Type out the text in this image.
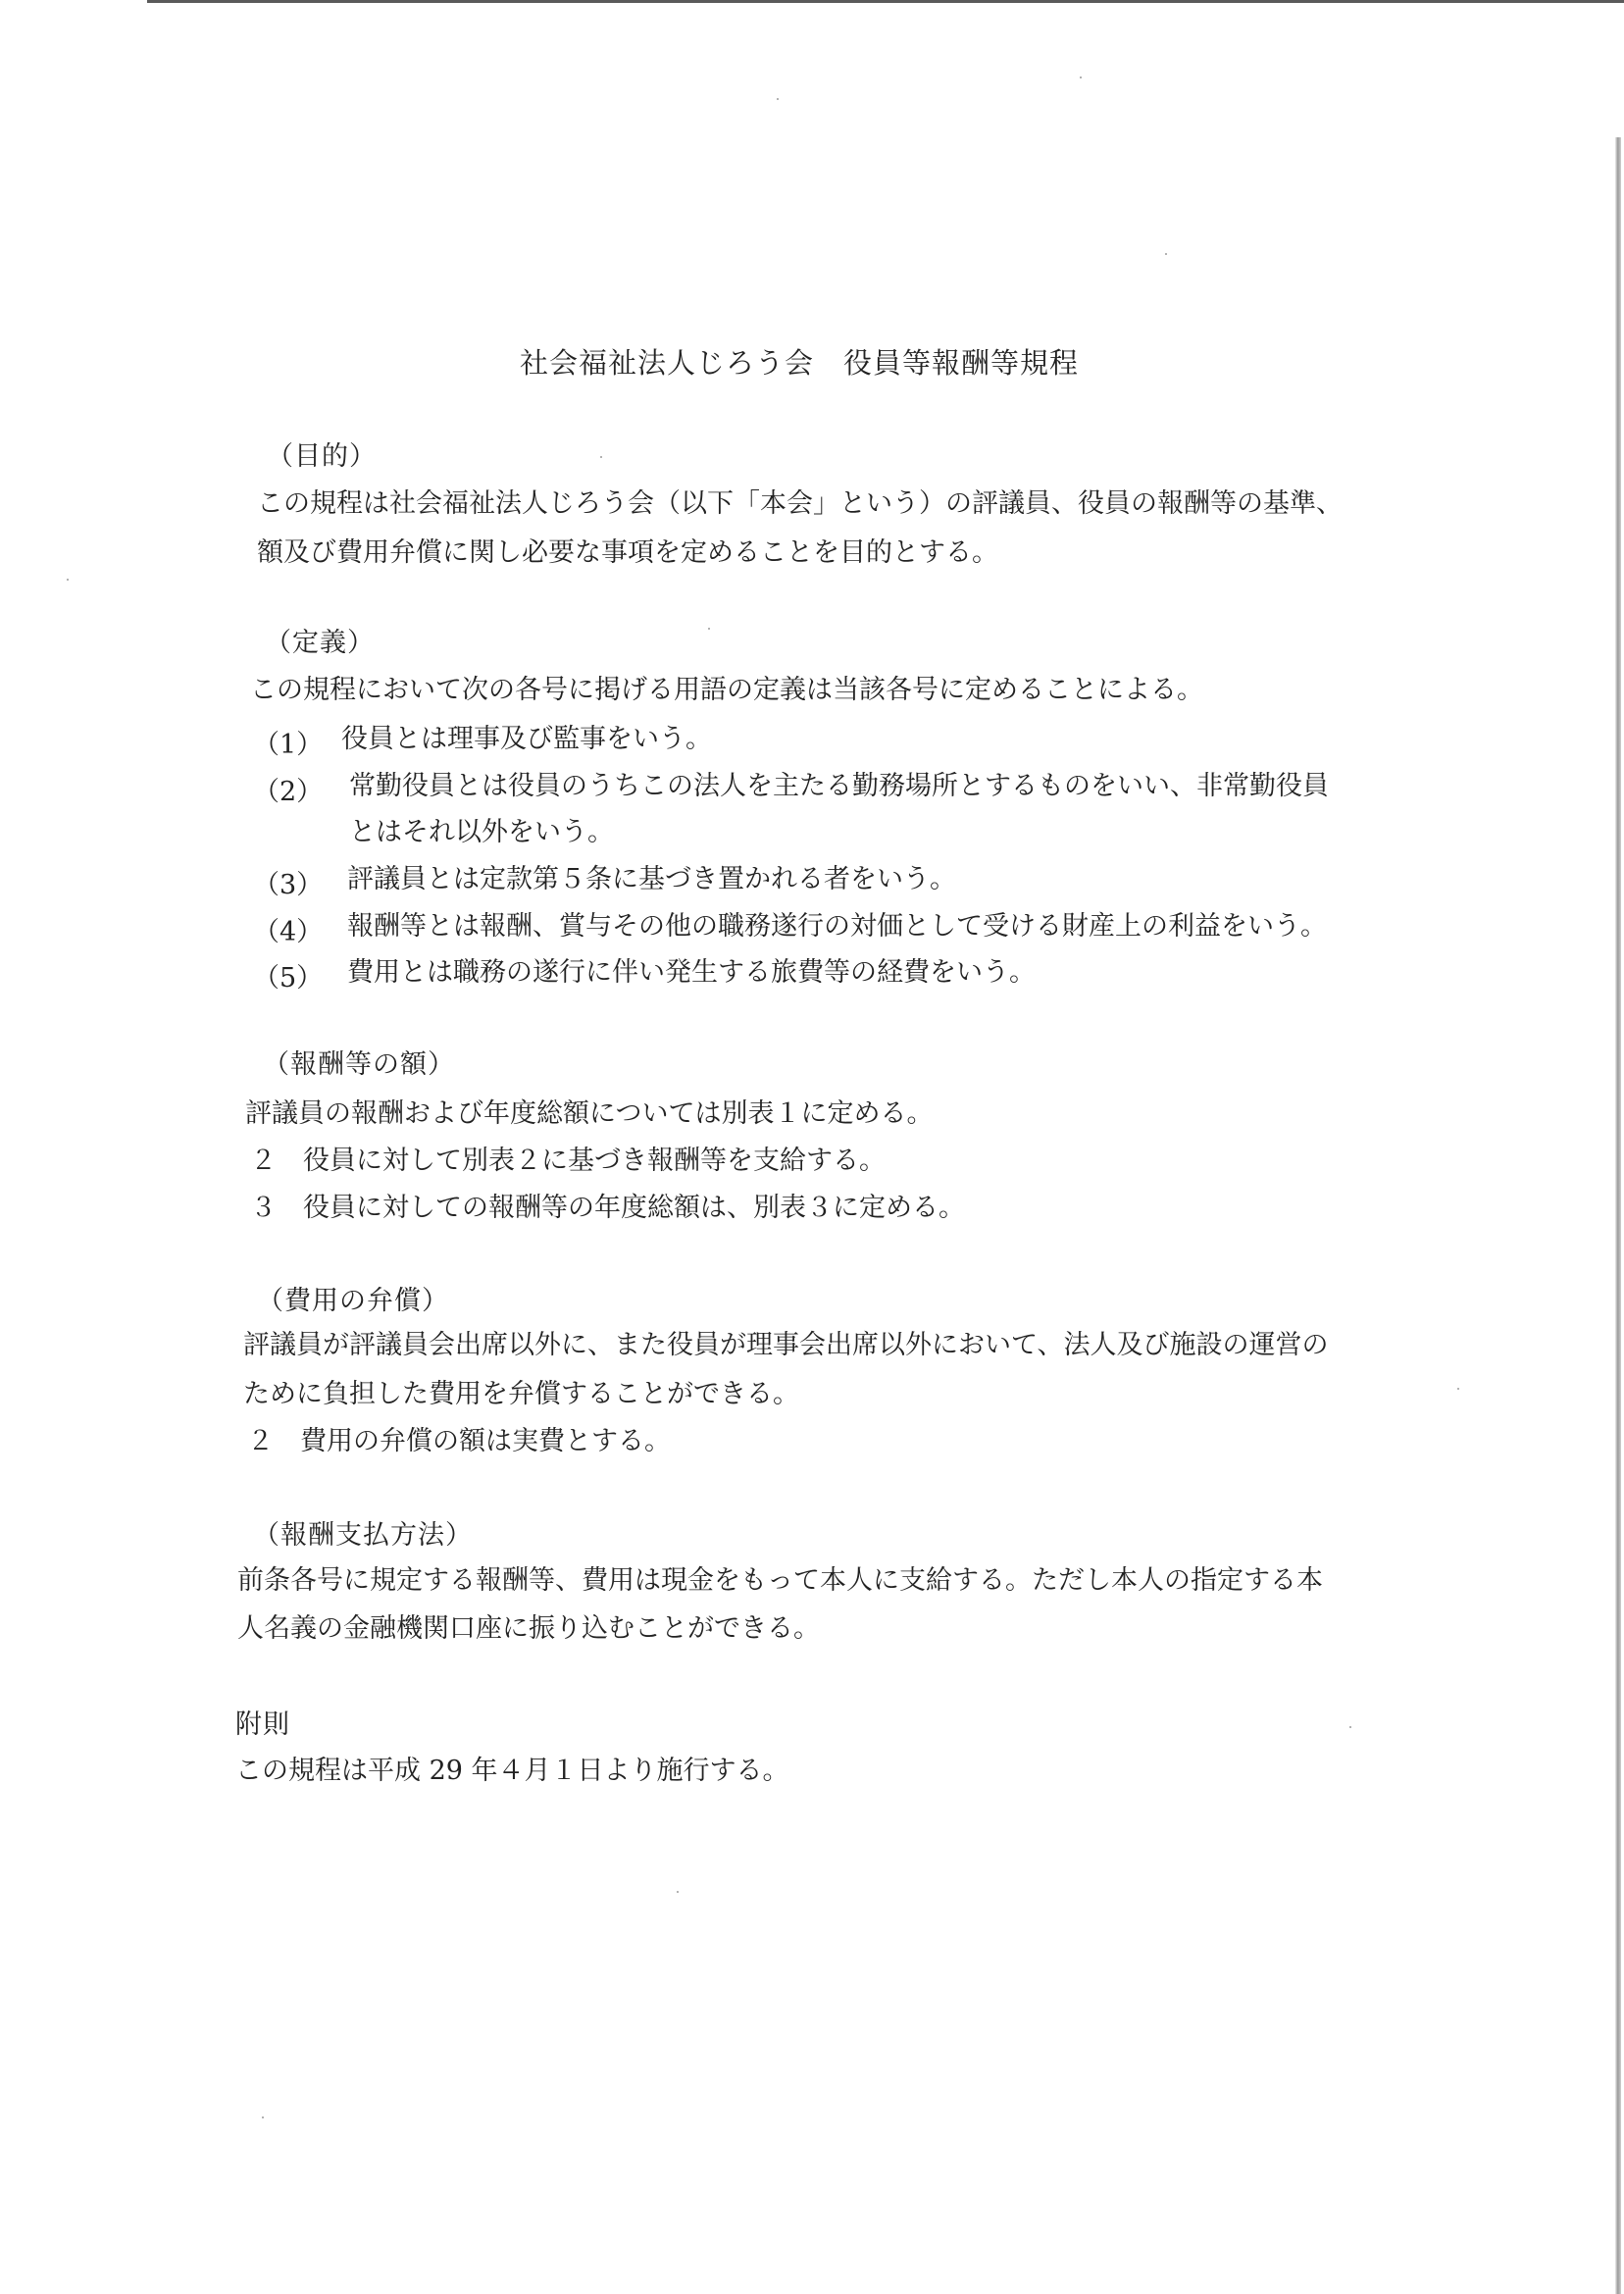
社会福祉法人じろう会　役員等報酬等規程
（目的）
この規程は社会福祉法人じろう会（以下「本会」という）の評議員、役員の報酬等の基準、
額及び費用弁償に関し必要な事項を定めることを目的とする。
（定義）
この規程において次の各号に掲げる用語の定義は当該各号に定めることによる。
（1） 役員とは理事及び監事をいう。
（2） 常勤役員とは役員のうちこの法人を主たる勤務場所とするものをいい、非常勤役員
とはそれ以外をいう。
（3） 評議員とは定款第５条に基づき置かれる者をいう。
（4） 報酬等とは報酬、賞与その他の職務遂行の対価として受ける財産上の利益をいう。
（5） 費用とは職務の遂行に伴い発生する旅費等の経費をいう。
（報酬等の額）
評議員の報酬および年度総額については別表１に定める。
２　役員に対して別表２に基づき報酬等を支給する。
３　役員に対しての報酬等の年度総額は、別表３に定める。
（費用の弁償）
評議員が評議員会出席以外に、また役員が理事会出席以外において、法人及び施設の運営の
ために負担した費用を弁償することができる。
２　費用の弁償の額は実費とする。
（報酬支払方法）
前条各号に規定する報酬等、費用は現金をもって本人に支給する。ただし本人の指定する本
人名義の金融機関口座に振り込むことができる。
附則
この規程は平成 29 年４月１日より施行する。
